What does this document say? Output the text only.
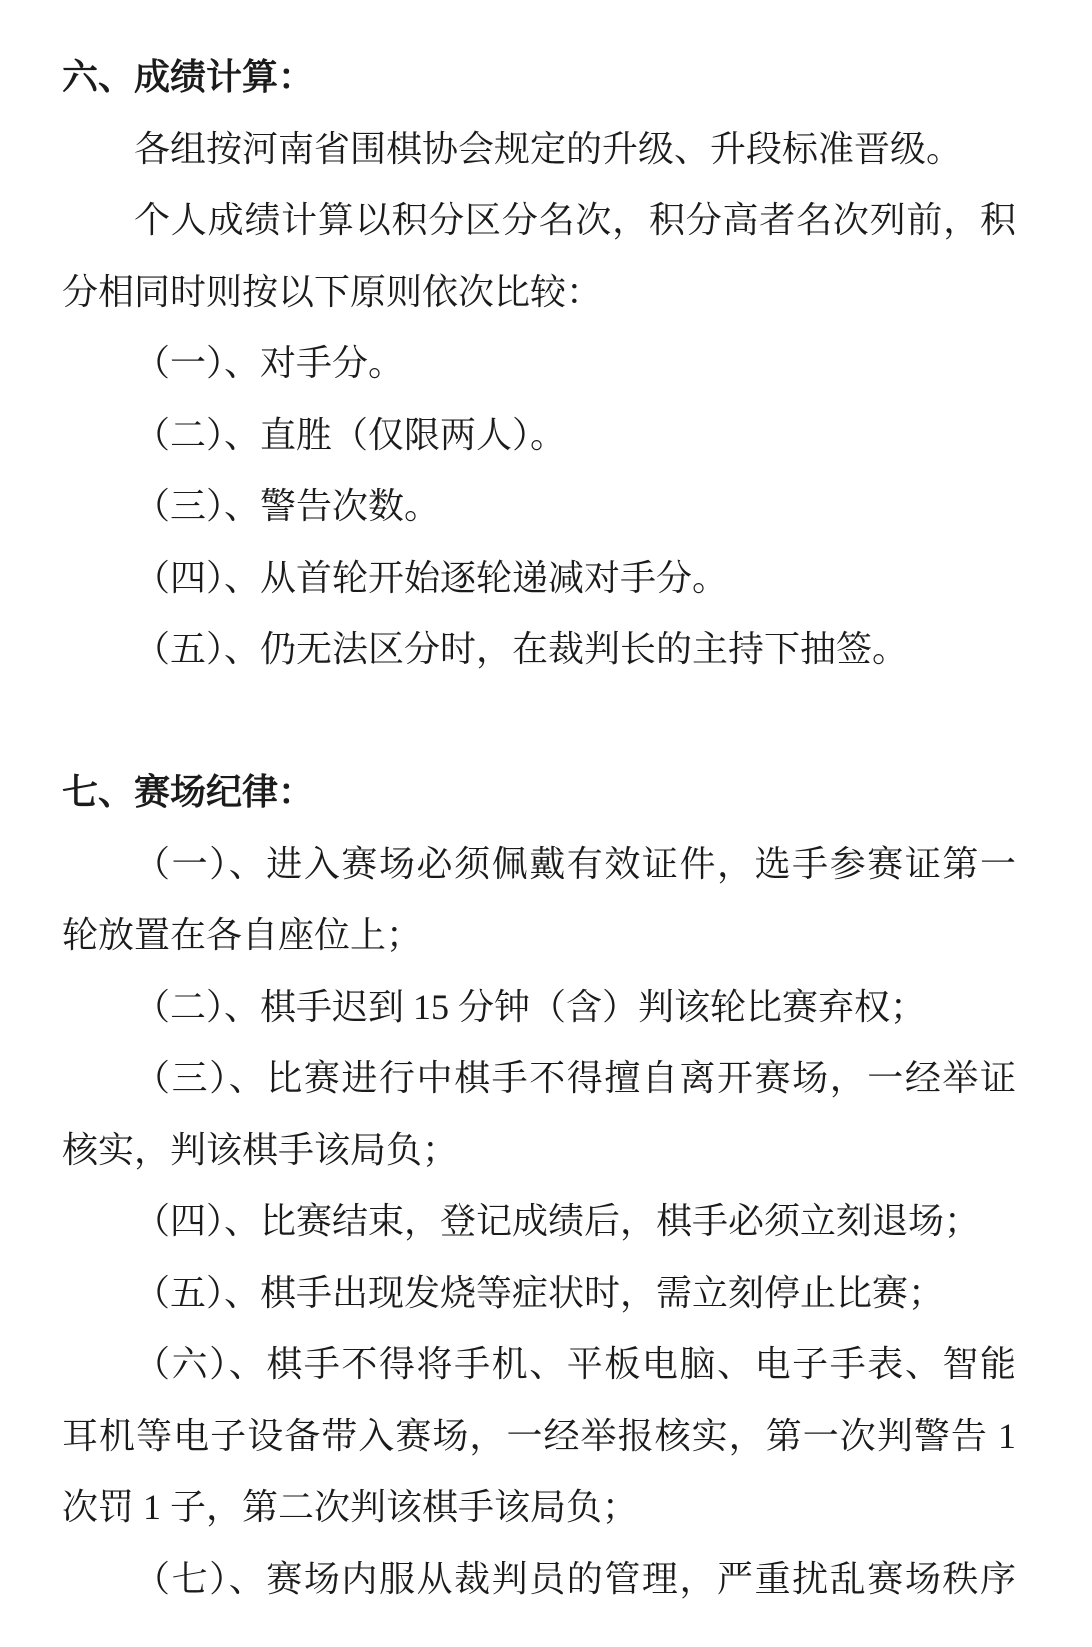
六、成绩计算：
各组按河南省围棋协会规定的升级、升段标准晋级。
个人成绩计算以积分区分名次，积分高者名次列前，积
分相同时则按以下原则依次比较：
（一）、对手分。
（二）、直胜（仅限两人）。
（三）、警告次数。
（四）、从首轮开始逐轮递减对手分。
（五）、仍无法区分时，在裁判长的主持下抽签。
七、赛场纪律：
（一）、进入赛场必须佩戴有效证件，选手参赛证第一
轮放置在各自座位上；
（二）、棋手迟到 15 分钟（含）判该轮比赛弃权；
（三）、比赛进行中棋手不得擅自离开赛场，一经举证
核实，判该棋手该局负；
（四）、比赛结束，登记成绩后，棋手必须立刻退场；
（五）、棋手出现发烧等症状时，需立刻停止比赛；
（六）、棋手不得将手机、平板电脑、电子手表、智能
耳机等电子设备带入赛场，一经举报核实，第一次判警告 1
次罚 1 子，第二次判该棋手该局负；
（七）、赛场内服从裁判员的管理，严重扰乱赛场秩序
